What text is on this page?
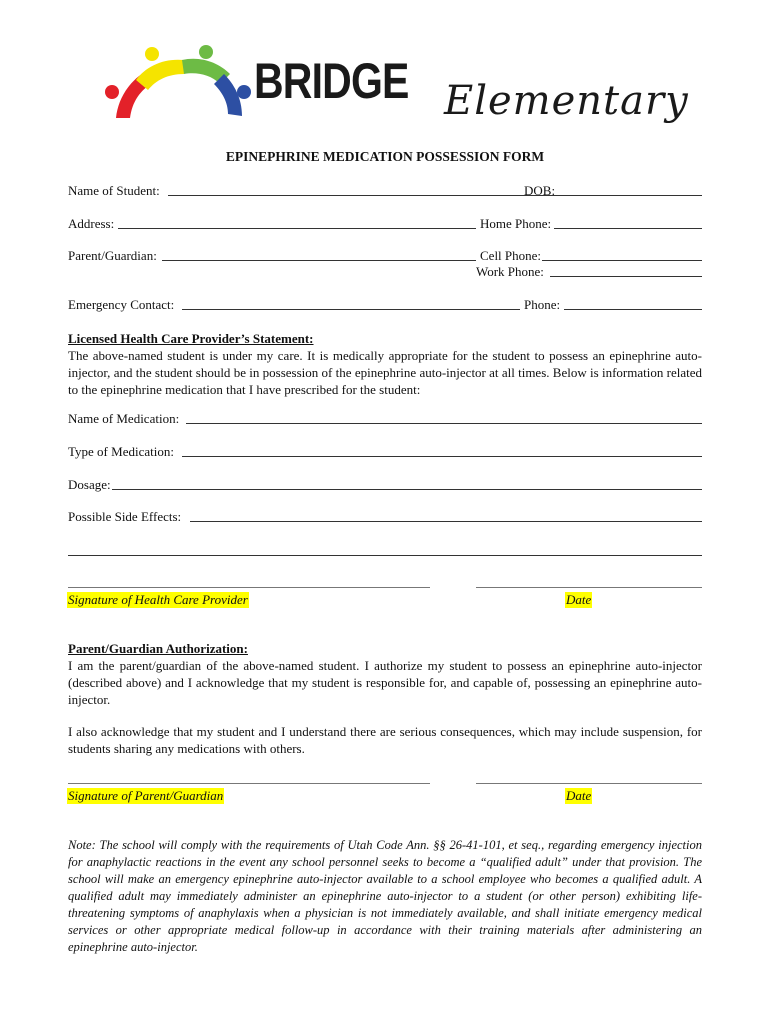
BRIDGE Elementary
EPINEPHRINE MEDICATION POSSESSION FORM
Name of Student:	DOB:
Address:	Home Phone:
Parent/Guardian:	Cell Phone:
Work Phone:
Emergency Contact:	Phone:
Licensed Health Care Provider’s Statement:
The above-named student is under my care. It is medically appropriate for the student to possess an epinephrine auto-injector, and the student should be in possession of the epinephrine auto-injector at all times. Below is information related to the epinephrine medication that I have prescribed for the student:
Name of Medication:
Type of Medication:
Dosage:
Possible Side Effects:
Signature of Health Care Provider	Date
Parent/Guardian Authorization:
I am the parent/guardian of the above-named student. I authorize my student to possess an epinephrine auto-injector (described above) and I acknowledge that my student is responsible for, and capable of, possessing an epinephrine auto-injector.
I also acknowledge that my student and I understand there are serious consequences, which may include suspension, for students sharing any medications with others.
Signature of Parent/Guardian	Date
Note: The school will comply with the requirements of Utah Code Ann. §§ 26-41-101, et seq., regarding emergency injection for anaphylactic reactions in the event any school personnel seeks to become a “qualified adult” under that provision. The school will make an emergency epinephrine auto-injector available to a school employee who becomes a qualified adult. A qualified adult may immediately administer an epinephrine auto-injector to a student (or other person) exhibiting life-threatening symptoms of anaphylaxis when a physician is not immediately available, and shall initiate emergency medical services or other appropriate medical follow-up in accordance with their training materials after administering an epinephrine auto-injector.
